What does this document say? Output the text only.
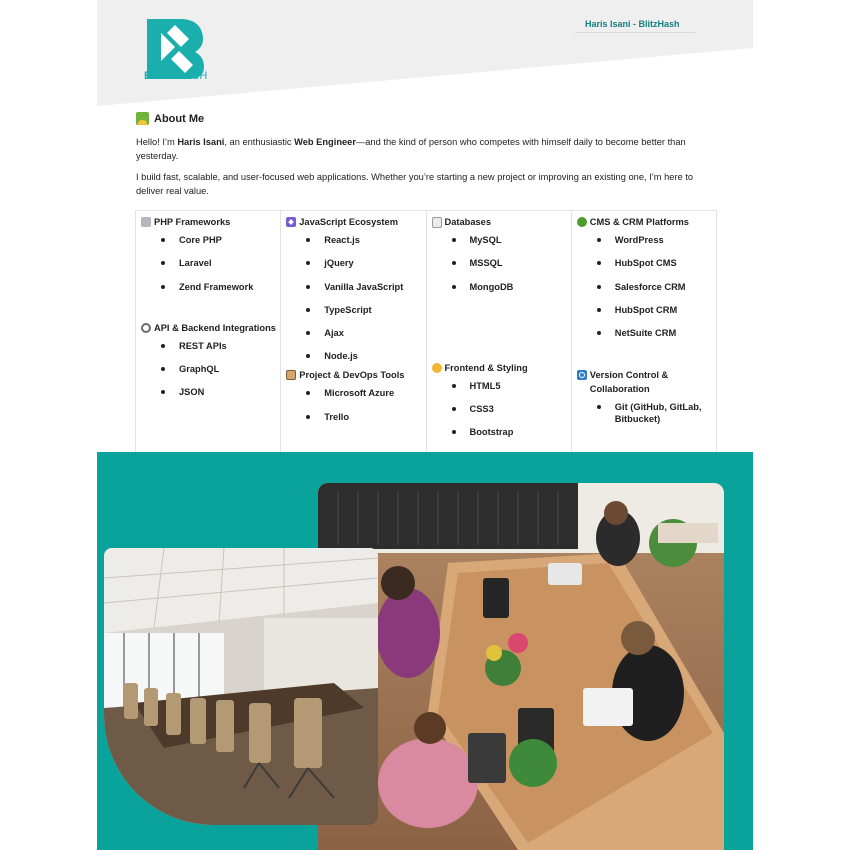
BLITZHASH
Haris Isani - BlitzHash
About Me

Hello! I’m Haris Isani, an enthusiastic Web Engineer—and the kind of person who competes with himself daily to become better than yesterday.

I build fast, scalable, and user-focused web applications. Whether you’re starting a new project or improving an existing one, I’m here to deliver real value.

PHP Frameworks
Core PHP
Laravel
Zend Framework
API & Backend Integrations
REST APIs
GraphQL
JSON
JavaScript Ecosystem
React.js
jQuery
Vanilla JavaScript
TypeScript
Ajax
Node.js
Project & DevOps Tools
Microsoft Azure
Trello
Databases
MySQL
MSSQL
MongoDB
Frontend & Styling
HTML5
CSS3
Bootstrap
CMS & CRM Platforms
WordPress
HubSpot CMS
Salesforce CRM
HubSpot CRM
NetSuite CRM
Version Control & Collaboration
Git (GitHub, GitLab, Bitbucket)
